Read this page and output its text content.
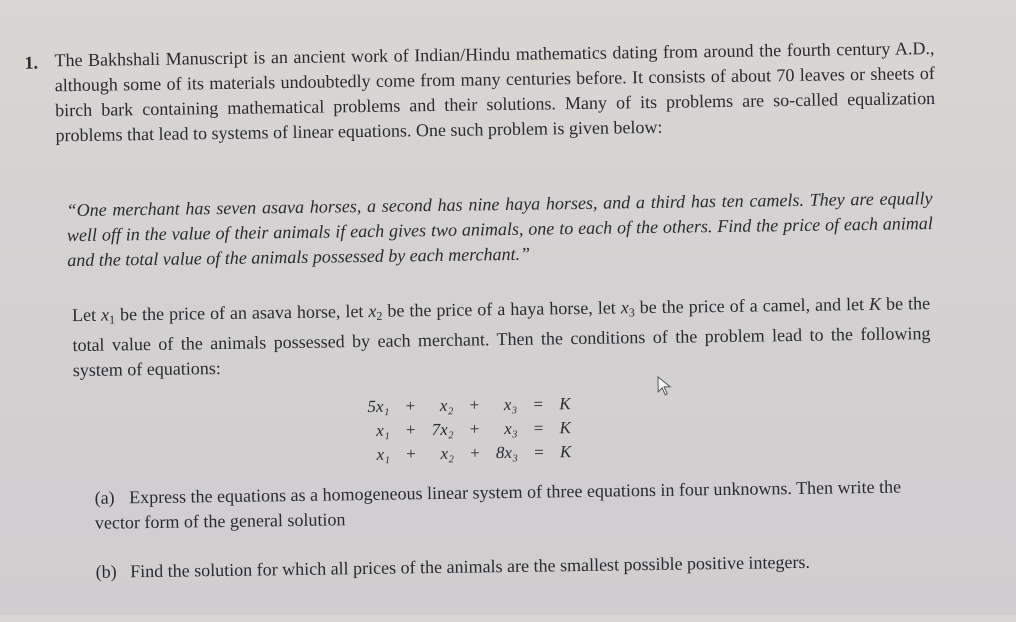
1. The Bakhshali Manuscript is an ancient work of Indian/Hindu mathematics dating from around the fourth century A.D., although some of its materials undoubtedly come from many centuries before. It consists of about 70 leaves or sheets of birch bark containing mathematical problems and their solutions. Many of its problems are so-called equalization problems that lead to systems of linear equations. One such problem is given below:
“One merchant has seven asava horses, a second has nine haya horses, and a third has ten camels. They are equally well off in the value of their animals if each gives two animals, one to each of the others. Find the price of each animal and the total value of the animals possessed by each merchant.”
Let $x_1$ be the price of an asava horse, let $x_2$ be the price of a haya horse, let $x_3$ be the price of a camel, and let K be the total value of the animals possessed by each merchant. Then the conditions of the problem lead to the following system of equations:
5x₁	+	x₂	+	x₃	=	K
x₁	+	7x₂	+	x₃	=	K
x₁	+	x₂	+	8x₃	=	K
(a) Express the equations as a homogeneous linear system of three equations in four unknowns. Then write the vector form of the general solution
(b) Find the solution for which all prices of the animals are the smallest possible positive integers.
